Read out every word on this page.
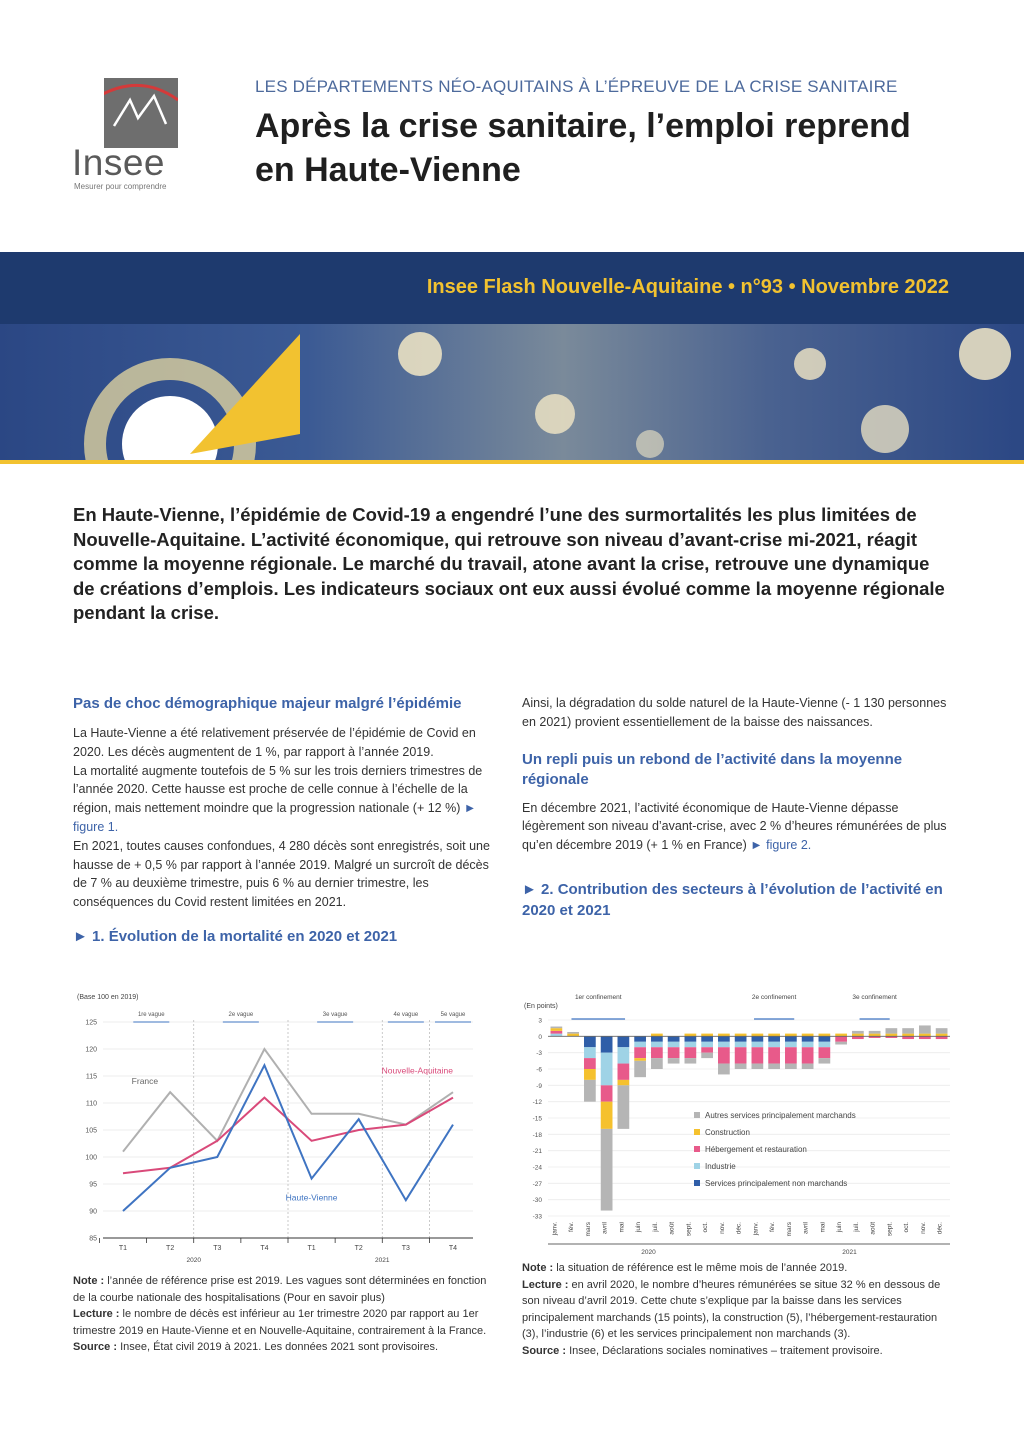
Insee
Mesurer pour comprendre
LES DÉPARTEMENTS NÉO-AQUITAINS À L’ÉPREUVE DE LA CRISE SANITAIRE
Après la crise sanitaire, l’emploi reprend en Haute-Vienne
Insee Flash Nouvelle-Aquitaine • n°93 • Novembre 2022
En Haute-Vienne, l’épidémie de Covid-19 a engendré l’une des surmortalités les plus limitées de Nouvelle-Aquitaine. L’activité économique, qui retrouve son niveau d’avant-crise mi-2021, réagit comme la moyenne régionale. Le marché du travail, atone avant la crise, retrouve une dynamique de créations d’emplois. Les indicateurs sociaux ont eux aussi évolué comme la moyenne régionale pendant la crise.
Pas de choc démographique majeur malgré l’épidémie

La Haute-Vienne a été relativement préservée de l’épidémie de Covid en 2020. Les décès augmentent de 1 %, par rapport à l’année 2019.

La mortalité augmente toutefois de 5 % sur les trois derniers trimestres de l’année 2020. Cette hausse est proche de celle connue à l’échelle de la région, mais nettement moindre que la progression nationale (+ 12 %) ► figure 1.

En 2021, toutes causes confondues, 4 280 décès sont enregistrés, soit une hausse de + 0,5 % par rapport à l’année 2019. Malgré un surcroît de décès de 7 % au deuxième trimestre, puis 6 % au dernier trimestre, les conséquences du Covid restent limitées en 2021.

► 1. Évolution de la mortalité en 2020 et 2021

Ainsi, la dégradation du solde naturel de la Haute-Vienne (- 1 130 personnes en 2021) provient essentiellement de la baisse des naissances.

Un repli puis un rebond de l’activité dans la moyenne régionale

En décembre 2021, l’activité économique de Haute-Vienne dépasse légèrement son niveau d’avant-crise, avec 2 % d’heures rémunérées de plus qu’en décembre 2019 (+ 1 % en France) ► figure 2.

► 2. Contribution des secteurs à l’évolution de l’activité en 2020 et 2021
(Base 100 en 2019)
85
90
95
100
105
110
115
120
125
1re vague	2e vague	3e vague	4e vague	5e vague
T1	T2	T3	T4	T1	T2	T3	T4
2020	2021
France
Nouvelle-Aquitaine
Haute-Vienne
(En points)
3
0
-3
-6
-9
-12
-15
-18
-21
-24
-27
-30
-33
1er confinement	2e confinement	3e confinement
janv. fév. mars avril mai juin juil. août sept. oct. nov. déc. janv. fév. mars avril mai juin juil. août sept. oct. nov. déc.
2020	2021
Autres services principalement marchands
Construction
Hébergement et restauration
Industrie
Services principalement non marchands
Note : l’année de référence prise est 2019. Les vagues sont déterminées en fonction de la courbe nationale des hospitalisations (Pour en savoir plus)
Lecture : le nombre de décès est inférieur au 1er trimestre 2020 par rapport au 1er trimestre 2019 en Haute-Vienne et en Nouvelle-Aquitaine, contrairement à la France.
Source : Insee, État civil 2019 à 2021. Les données 2021 sont provisoires.
Note : la situation de référence est le même mois de l’année 2019.
Lecture : en avril 2020, le nombre d’heures rémunérées se situe 32 % en dessous de son niveau d’avril 2019. Cette chute s’explique par la baisse dans les services principalement marchands (15 points), la construction (5), l’hébergement-restauration (3), l’industrie (6) et les services principalement non marchands (3).
Source : Insee, Déclarations sociales nominatives – traitement provisoire.
